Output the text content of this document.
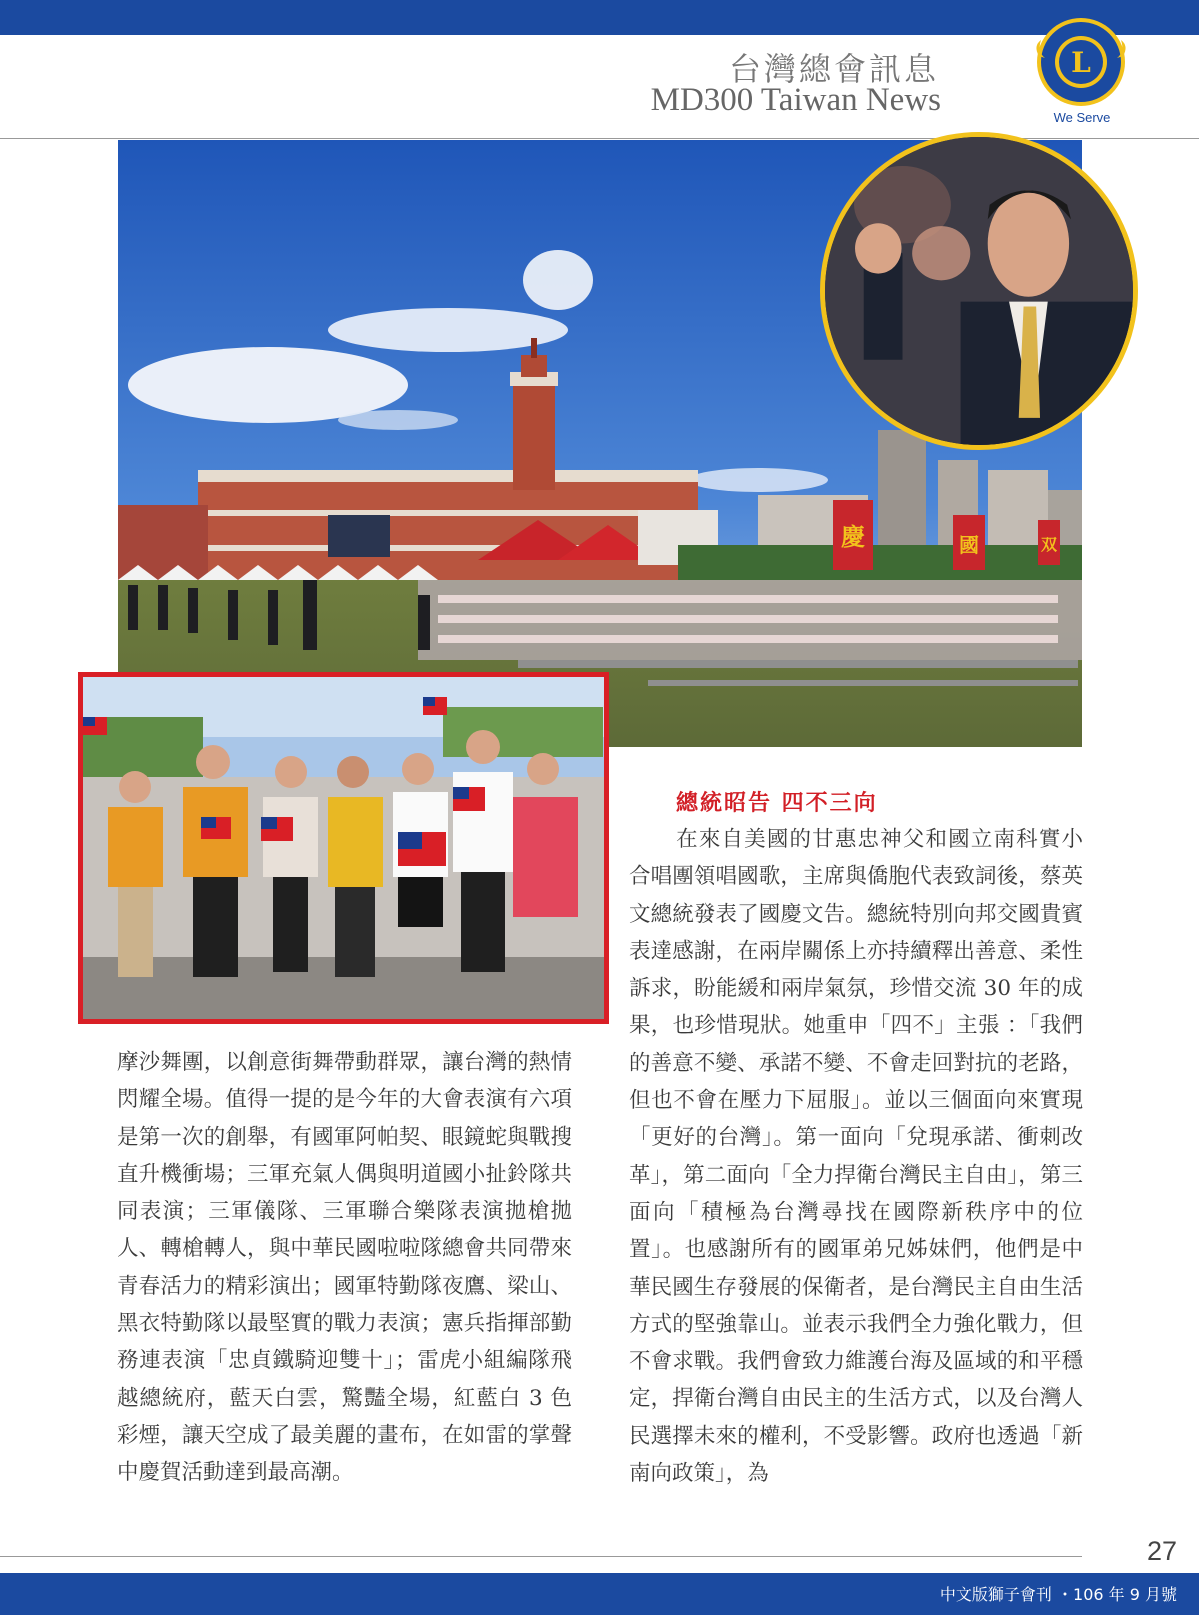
台灣總會訊息
MD300 Taiwan News
L
We Serve
慶	國	双
摩沙舞團，以創意街舞帶動群眾，讓台灣的熱情閃耀全場。值得一提的是今年的大會表演有六項是第一次的創舉，有國軍阿帕契、眼鏡蛇與戰搜直升機衝場；三軍充氣人偶與明道國小扯鈴隊共同表演；三軍儀隊、三軍聯合樂隊表演拋槍拋人、轉槍轉人，與中華民國啦啦隊總會共同帶來青春活力的精彩演出；國軍特勤隊夜鷹、梁山、黑衣特勤隊以最堅實的戰力表演；憲兵指揮部勤務連表演「忠貞鐵騎迎雙十」；雷虎小組編隊飛越總統府，藍天白雲，驚豔全場，紅藍白 3 色彩煙，讓天空成了最美麗的畫布，在如雷的掌聲中慶賀活動達到最高潮。
總統昭告 四不三向
在來自美國的甘惠忠神父和國立南科實小合唱團領唱國歌，主席與僑胞代表致詞後，蔡英文總統發表了國慶文告。總統特別向邦交國貴賓表達感謝，在兩岸關係上亦持續釋出善意、柔性訴求，盼能緩和兩岸氣氛，珍惜交流 30 年的成果，也珍惜現狀。她重申「四不」主張 ：「我們的善意不變、承諾不變、不會走回對抗的老路，但也不會在壓力下屈服」。並以三個面向來實現「更好的台灣」。第一面向「兌現承諾、衝刺改革」，第二面向「全力捍衛台灣民主自由」，第三面向「積極為台灣尋找在國際新秩序中的位置」。也感謝所有的國軍弟兄姊妹們，他們是中華民國生存發展的保衛者，是台灣民主自由生活方式的堅強靠山。並表示我們全力強化戰力，但不會求戰。我們會致力維護台海及區域的和平穩定，捍衛台灣自由民主的生活方式，以及台灣人民選擇未來的權利，不受影響。政府也透過「新南向政策」，為
27
中文版獅子會刊 ・106 年 9 月號
